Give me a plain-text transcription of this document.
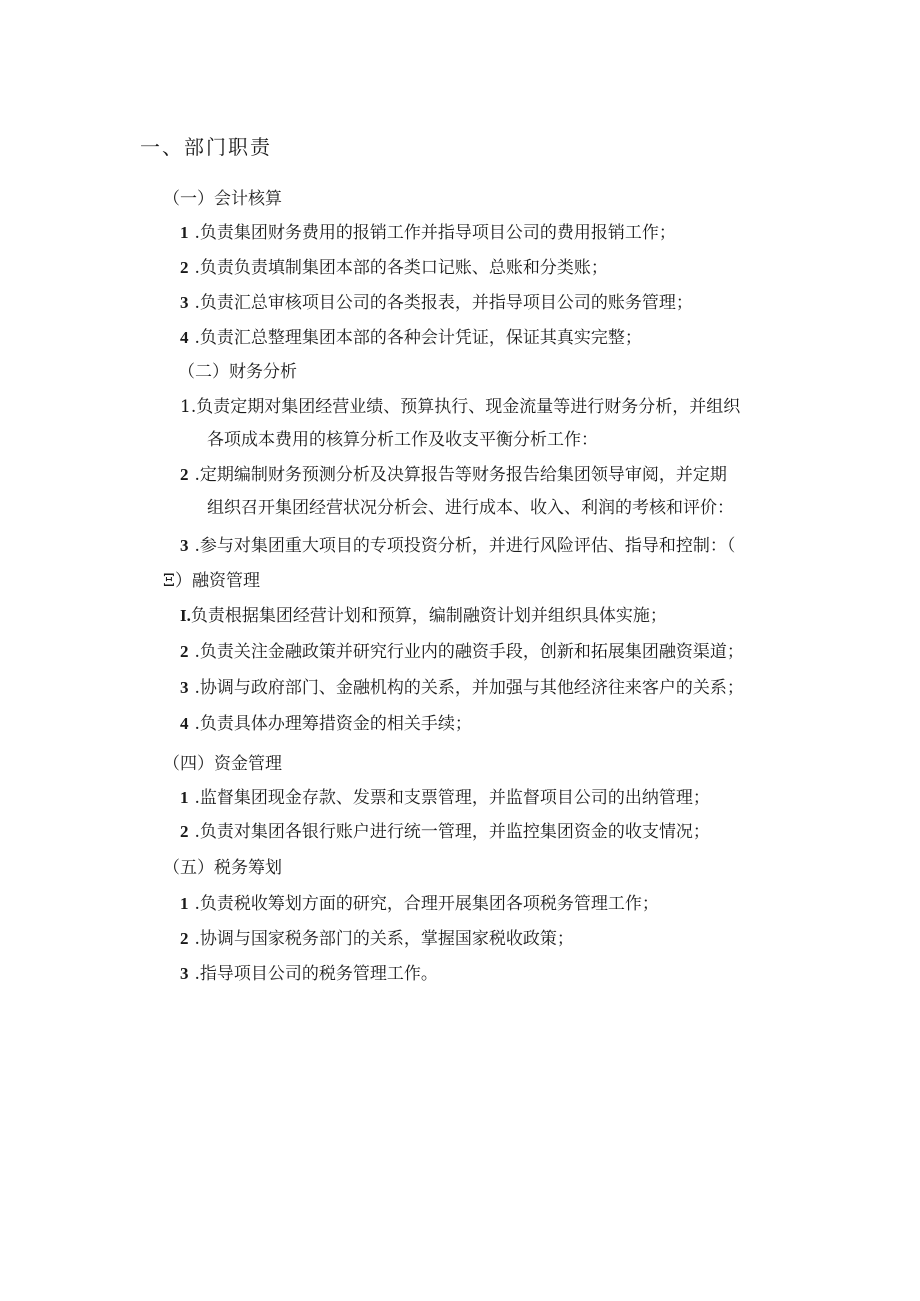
一、部门职责
（一）会计核算
1 .负责集团财务费用的报销工作并指导项目公司的费用报销工作；
2 .负责负责填制集团本部的各类口记账、总账和分类账；
3 .负责汇总审核项目公司的各类报表，并指导项目公司的账务管理；
4 .负责汇总整理集团本部的各种会计凭证，保证其真实完整；
（二）财务分析
1.负责定期对集团经营业绩、预算执行、现金流量等进行财务分析，并组织
各项成本费用的核算分析工作及收支平衡分析工作：
2 .定期编制财务预测分析及决算报告等财务报告给集团领导审阅，并定期
组织召开集团经营状况分析会、进行成本、收入、利润的考核和评价：
3 .参与对集团重大项目的专项投资分析，并进行风险评估、指导和控制：（
Ξ）融资管理
I.负责根据集团经营计划和预算，编制融资计划并组织具体实施；
2 .负责关注金融政策并研究行业内的融资手段，创新和拓展集团融资渠道；
3 .协调与政府部门、金融机构的关系，并加强与其他经济往来客户的关系；
4 .负责具体办理筹措资金的相关手续；
（四）资金管理
1 .监督集团现金存款、发票和支票管理，并监督项目公司的出纳管理；
2 .负责对集团各银行账户进行统一管理，并监控集团资金的收支情况；
（五）税务筹划
1 .负责税收筹划方面的研究，合理开展集团各项税务管理工作；
2 .协调与国家税务部门的关系，掌握国家税收政策；
3 .指导项目公司的税务管理工作。
